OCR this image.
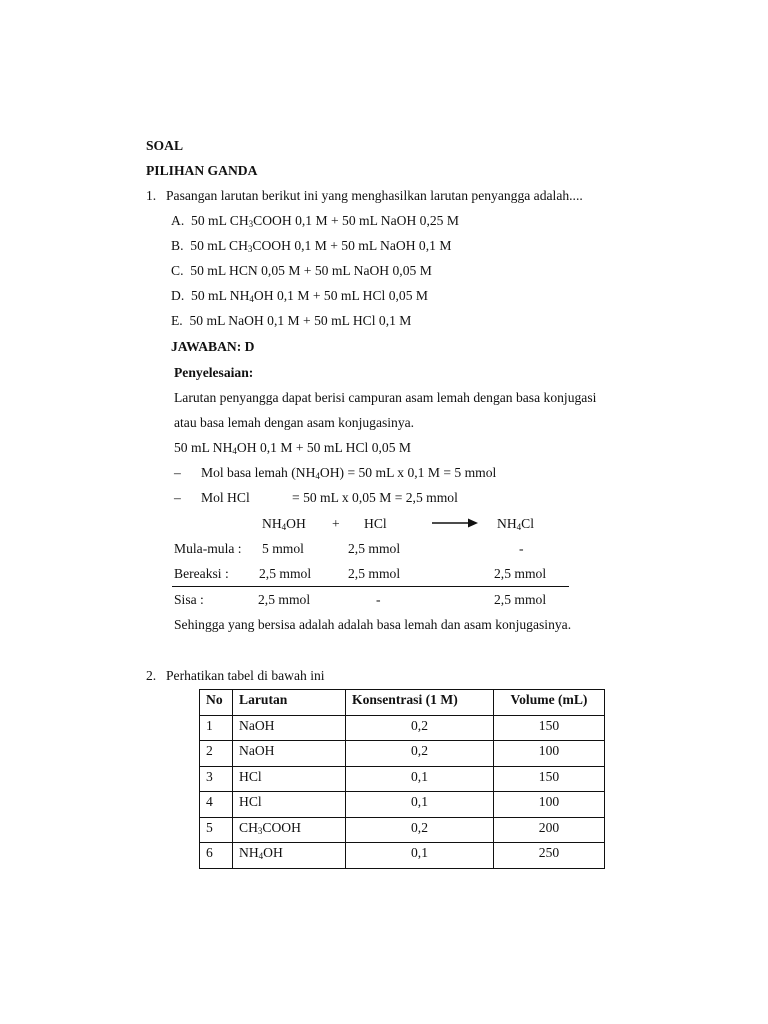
SOAL
PILIHAN GANDA
1. Pasangan larutan berikut ini yang menghasilkan larutan penyangga adalah....
A. 50 mL $CH_3COOH$ 0,1 M + 50 mL NaOH 0,25 M
B. 50 mL $CH_3COOH$ 0,1 M + 50 mL NaOH 0,1 M
C. 50 mL HCN 0,05 M + 50 mL NaOH 0,05 M
D. 50 mL $NH_4OH$ 0,1 M + 50 mL HCl 0,05 M
E. 50 mL NaOH 0,1 M + 50 mL HCl 0,1 M
JAWABAN: D
Penyelesaian:
Larutan penyangga dapat berisi campuran asam lemah dengan basa konjugasi
atau basa lemah dengan asam konjugasinya.
50 mL $NH_4OH$ 0,1 M + 50 mL HCl 0,05 M
– Mol basa lemah $(NH_4OH) = 50$ mL x 0,1 M = 5 mmol
– Mol HCl	= 50 mL x 0,05 M = 2,5 mmol
$NH_4OH$ + HCl	→ $NH_4Cl$
Mula-mula : 5 mmol	2,5 mmol	-
Bereaksi : 2,5 mmol	2,5 mmol	2,5 mmol
Sisa :	2,5 mmol	-	2,5 mmol
Sehingga yang bersisa adalah adalah basa lemah dan asam konjugasinya.
2. Perhatikan tabel di bawah ini
No	Larutan	Konsentrasi (1 M)	Volume (mL)
1	NaOH	0,2	150
2	NaOH	0,2	100
3	HCl	0,1	150
4	HCl	0,1	100
5	$CH_3COOH$	0,2	200
6	$NH_4OH$	0,1	250
